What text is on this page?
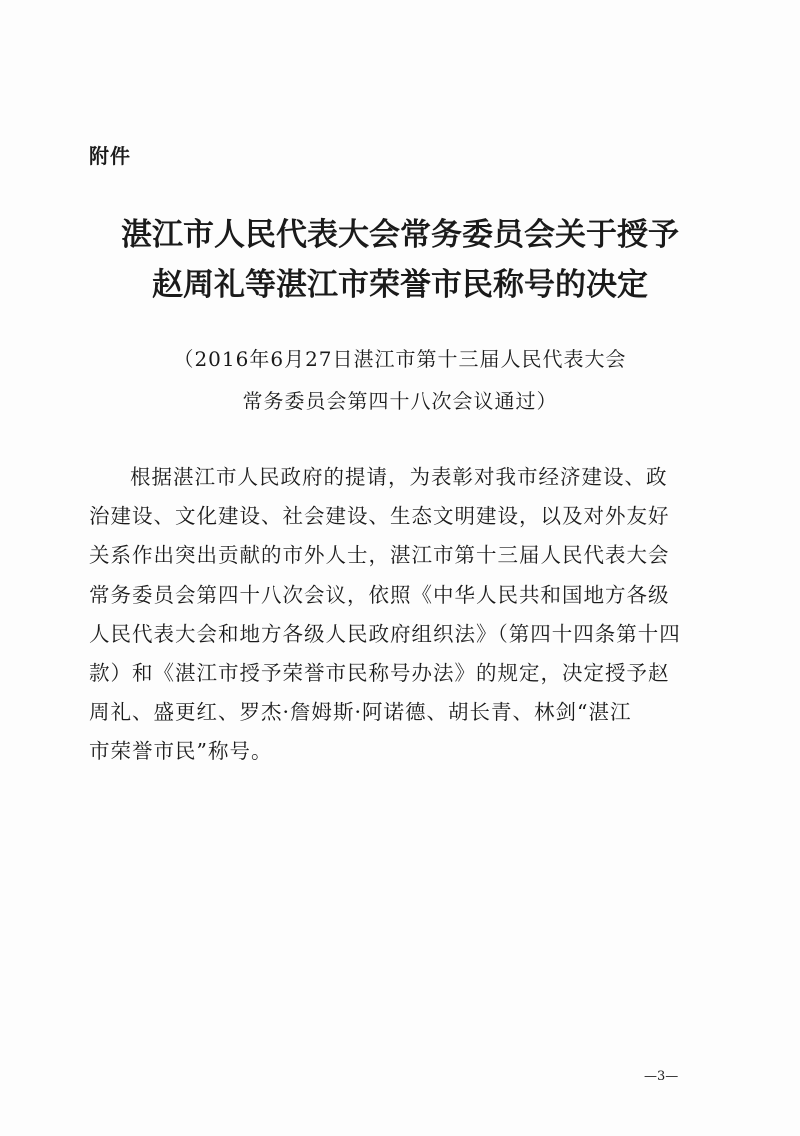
附件

湛江市人民代表大会常务委员会关于授予
赵周礼等湛江市荣誉市民称号的决定

（2016年6月27日湛江市第十三届人民代表大会
常务委员会第四十八次会议通过）

根据湛江市人民政府的提请，为表彰对我市经济建设、政
治建设、文化建设、社会建设、生态文明建设，以及对外友好
关系作出突出贡献的市外人士，湛江市第十三届人民代表大会
常务委员会第四十八次会议，依照《中华人民共和国地方各级
人民代表大会和地方各级人民政府组织法》（第四十四条第十四
款）和《湛江市授予荣誉市民称号办法》的规定，决定授予赵
周礼、盛更红、罗杰·詹姆斯·阿诺德、胡长青、林剑“湛江
市荣誉市民”称号。

—3—
